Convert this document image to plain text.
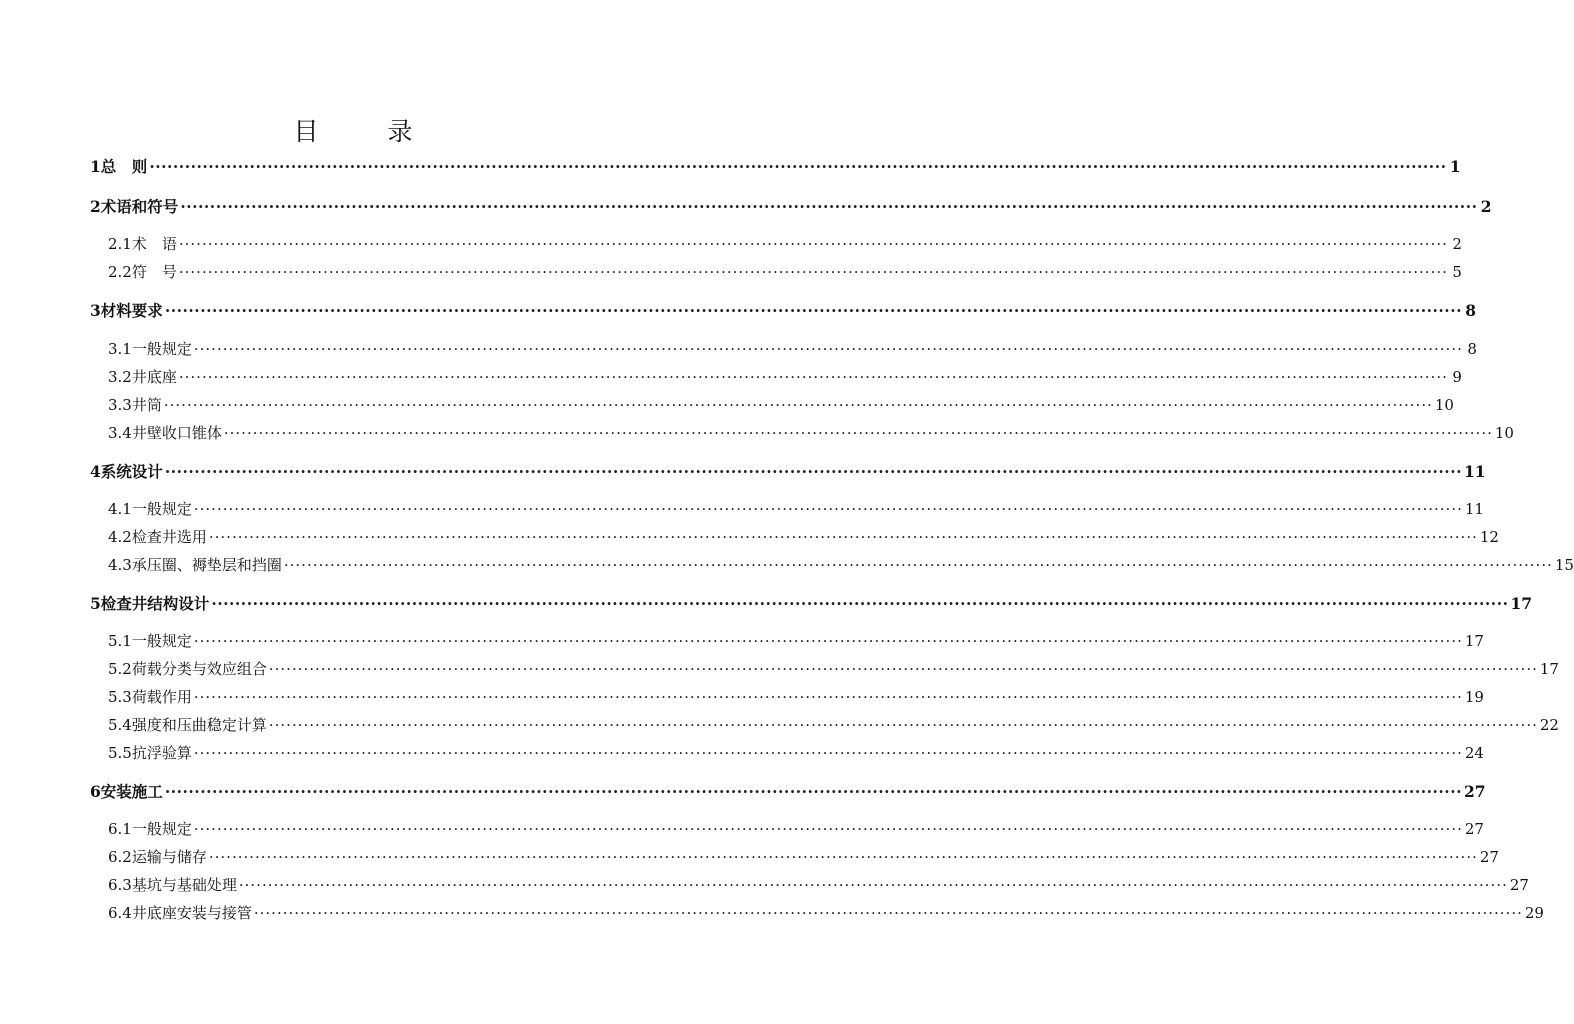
目　录
1 总　则 ···························································································································································································································· 1
2 术语和符号 ···························································································································································································································· 2
2.1 术　语 ···························································································································································································································· 2
2.2 符　号 ···························································································································································································································· 5
3 材料要求 ···························································································································································································································· 8
3.1 一般规定 ···························································································································································································································· 8
3.2 井底座 ···························································································································································································································· 9
3.3 井筒 ···························································································································································································································· 10
3.4 井壁收口锥体 ···························································································································································································································· 10
4 系统设计 ···························································································································································································································· 11
4.1 一般规定 ···························································································································································································································· 11
4.2 检查井选用 ···························································································································································································································· 12
4.3 承压圈、褥垫层和挡圈 ···························································································································································································································· 15
5 检查井结构设计 ···························································································································································································································· 17
5.1 一般规定 ···························································································································································································································· 17
5.2 荷载分类与效应组合 ···························································································································································································································· 17
5.3 荷载作用 ···························································································································································································································· 19
5.4 强度和压曲稳定计算 ···························································································································································································································· 22
5.5 抗浮验算 ···························································································································································································································· 24
6 安装施工 ···························································································································································································································· 27
6.1 一般规定 ···························································································································································································································· 27
6.2 运输与储存 ···························································································································································································································· 27
6.3 基坑与基础处理 ···························································································································································································································· 27
6.4 井底座安装与接管 ···························································································································································································································· 29
